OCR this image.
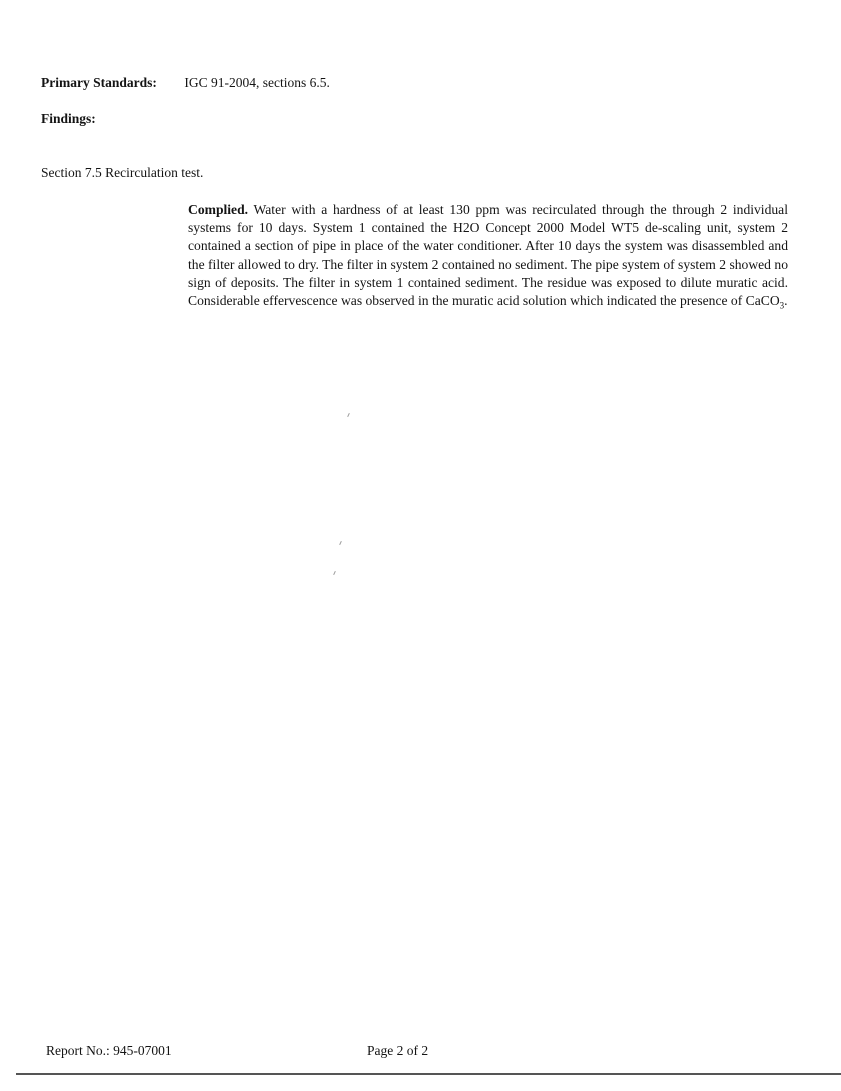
Primary Standards: IGC 91-2004, sections 6.5.
Findings:
Section 7.5 Recirculation test.

Complied. Water with a hardness of at least 130 ppm was recirculated through the through 2 individual systems for 10 days. System 1 contained the H2O Concept 2000 Model WT5 de-scaling unit, system 2 contained a section of pipe in place of the water conditioner. After 10 days the system was disassembled and the filter allowed to dry. The filter in system 2 contained no sediment. The pipe system of system 2 showed no sign of deposits. The filter in system 1 contained sediment. The residue was exposed to dilute muratic acid. Considerable effervescence was observed in the muratic acid solution which indicated the presence of CaCO$_3$.

Report No.: 945-07001	Page 2 of 2
